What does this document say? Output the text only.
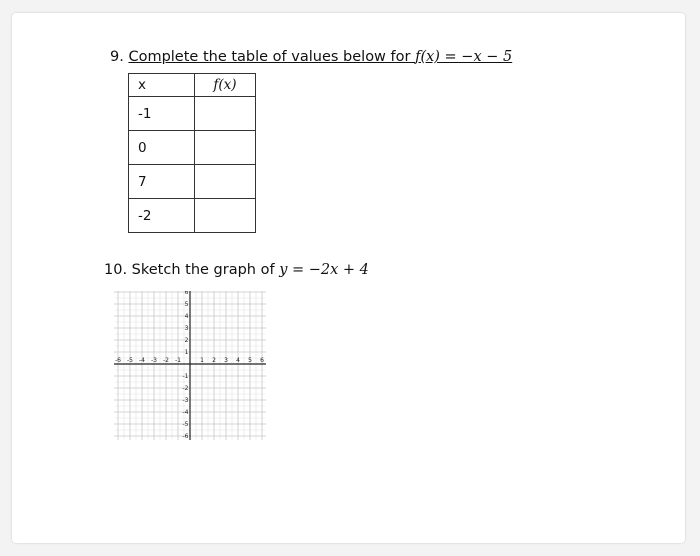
9. Complete the table of values below for f(x) = −x − 5
x	f(x)
-1	
0	
7	
-2	
10. Sketch the graph of y = −2x + 4
-6 -5 -4 -3 -2 -1	1 2 3 4 5 6
6
5
4
3
2
1
-1
-2
-3
-4
-5
-6
